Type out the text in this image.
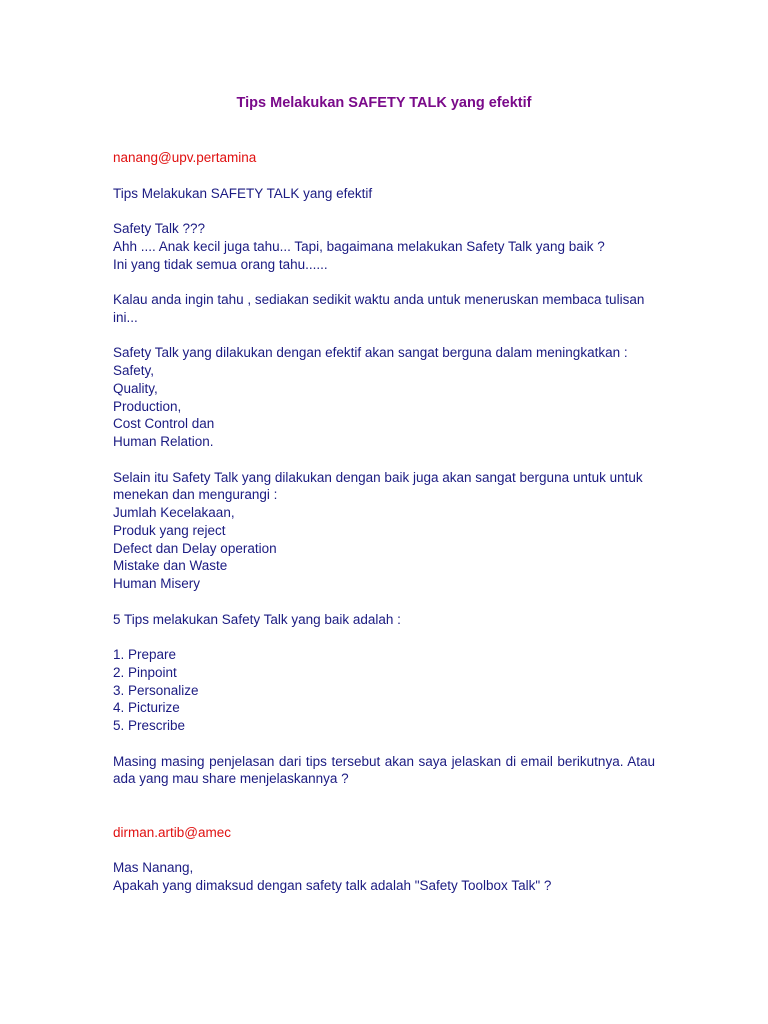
Tips Melakukan SAFETY TALK yang efektif

nanang@upv.pertamina

Tips Melakukan SAFETY TALK yang efektif

Safety Talk ???

Ahh .... Anak kecil juga tahu... Tapi, bagaimana melakukan Safety Talk yang baik ?

Ini yang tidak semua orang tahu......

Kalau anda ingin tahu , sediakan sedikit waktu anda untuk meneruskan membaca tulisan ini...

Safety Talk yang dilakukan dengan efektif akan sangat berguna dalam meningkatkan :

Safety,
Quality,
Production,
Cost Control dan
Human Relation.

Selain itu Safety Talk yang dilakukan dengan baik juga akan sangat berguna untuk untuk menekan dan mengurangi :

Jumlah Kecelakaan,
Produk yang reject
Defect dan Delay operation
Mistake dan Waste
Human Misery

5 Tips melakukan Safety Talk yang baik adalah :

1. Prepare
2. Pinpoint
3. Personalize
4. Picturize
5. Prescribe

Masing masing penjelasan dari tips tersebut akan saya jelaskan di email berikutnya. Atau ada yang mau share menjelaskannya ?

dirman.artib@amec

Mas Nanang,

Apakah yang dimaksud dengan safety talk adalah "Safety Toolbox Talk" ?
